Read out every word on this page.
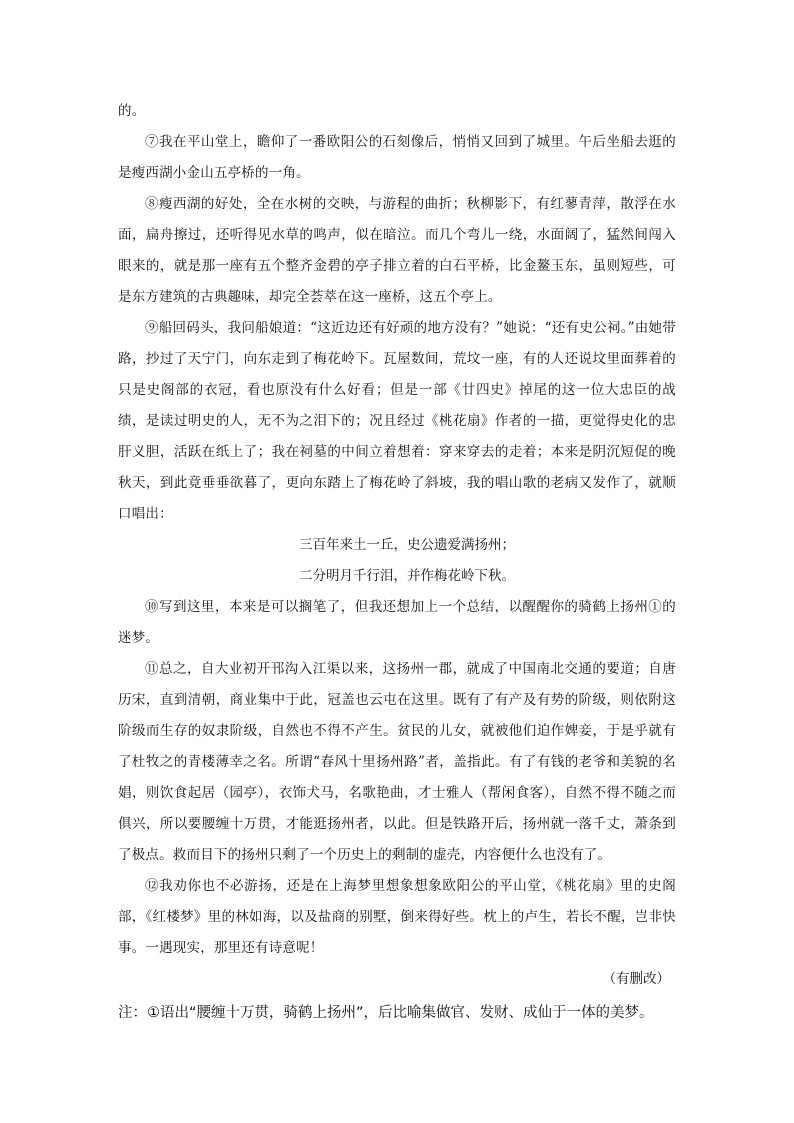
的。

⑦我在平山堂上，瞻仰了一番欧阳公的石刻像后，悄悄又回到了城里。午后坐船去逛的是瘦西湖小金山五亭桥的一角。

⑧瘦西湖的好处，全在水树的交映，与游程的曲折；秋柳影下，有红蓼青萍，散浮在水面，扁舟擦过，还听得见水草的鸣声，似在暗泣。而几个弯儿一绕，水面阔了，猛然间闯入眼来的，就是那一座有五个整齐金碧的亭子排立着的白石平桥，比金鳌玉东，虽则短些，可是东方建筑的古典趣味，却完全荟萃在这一座桥，这五个亭上。

⑨船回码头，我问船娘道：“这近边还有好顽的地方没有？”她说：“还有史公祠。”由她带路，抄过了天宁门，向东走到了梅花岭下。瓦屋数间，荒坟一座，有的人还说坟里面葬着的只是史阁部的衣冠，看也原没有什么好看；但是一部《廿四史》掉尾的这一位大忠臣的战绩，是读过明史的人，无不为之泪下的；况且经过《桃花扇》作者的一描，更觉得史化的忠肝义胆，活跃在纸上了；我在祠墓的中间立着想着：穿来穿去的走着；本来是阴沉短促的晚秋天，到此竟垂垂欲暮了，更向东踏上了梅花岭了斜坡，我的唱山歌的老病又发作了，就顺口唱出：

三百年来土一丘，史公遗爱满扬州；

二分明月千行泪，并作梅花岭下秋。

⑩写到这里，本来是可以搁笔了，但我还想加上一个总结，以醒醒你的骑鹤上扬州①的迷梦。

⑪总之，自大业初开邗沟入江渠以来，这扬州一郡，就成了中国南北交通的要道；自唐历宋，直到清朝，商业集中于此，冠盖也云屯在这里。既有了有产及有势的阶级，则依附这阶级而生存的奴隶阶级，自然也不得不产生。贫民的儿女，就被他们迫作婢妾，于是乎就有了杜牧之的青楼薄幸之名。所谓“春风十里扬州路”者，盖指此。有了有钱的老爷和美貌的名娼，则饮食起居（园亭），衣饰犬马，名歌艳曲，才士雅人（帮闲食客），自然不得不随之而俱兴，所以要腰缠十万贯，才能逛扬州者，以此。但是铁路开后，扬州就一落千丈，萧条到了极点。救而目下的扬州只剩了一个历史上的剩制的虚壳，内容便什么也没有了。

⑫我劝你也不必游扬，还是在上海梦里想象想象欧阳公的平山堂，《桃花扇》里的史阁部，《红楼梦》里的林如海，以及盐商的别墅，倒来得好些。枕上的卢生，若长不醒，岂非快事。一遇现实，那里还有诗意呢！

（有删改）

注：①语出“腰缠十万贯，骑鹤上扬州”，后比喻集做官、发财、成仙于一体的美梦。
